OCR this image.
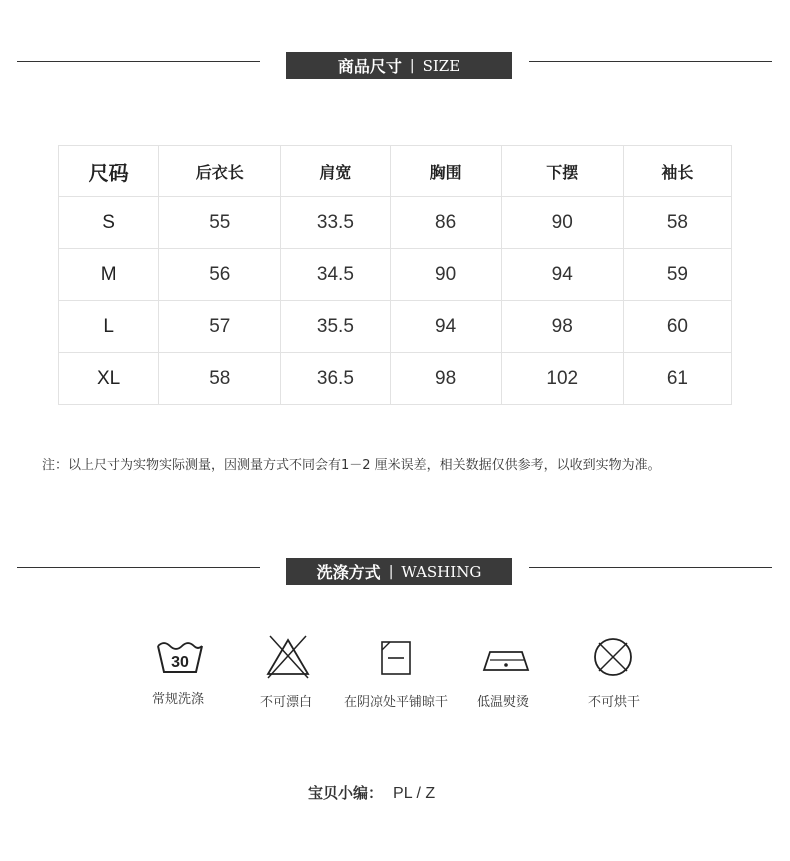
商品尺寸 | SIZE
尺码	后衣长	肩宽	胸围	下摆	袖长
S	55	33.5	86	90	58
M	56	34.5	90	94	59
L	57	35.5	94	98	60
XL	58	36.5	98	102	61
注：以上尺寸为实物实际测量，因测量方式不同会有1－2 厘米误差，相关数据仅供参考，以收到实物为准。
洗涤方式 | WASHING
30
常规洗涤	不可漂白 在阴凉处平铺晾干 低温熨烫	不可烘干
宝贝小编： PL / Z
